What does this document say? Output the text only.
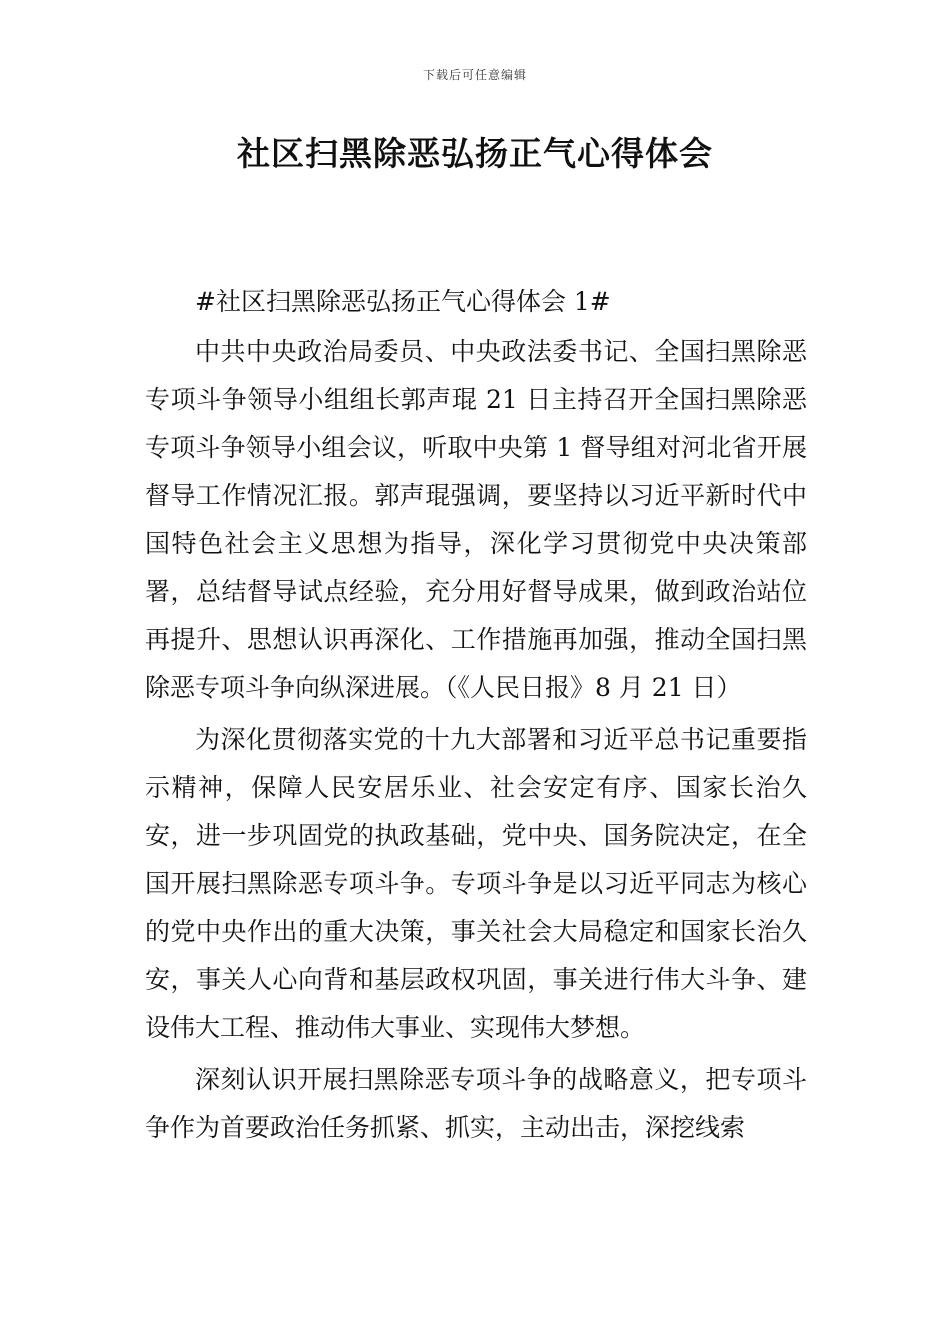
下载后可任意编辑
社区扫黑除恶弘扬正气心得体会

#社区扫黑除恶弘扬正气心得体会 1#

中共中央政治局委员、中央政法委书记、全国扫黑除恶专项斗争领导小组组长郭声琨 21 日主持召开全国扫黑除恶专项斗争领导小组会议，听取中央第 1 督导组对河北省开展督导工作情况汇报。郭声琨强调，要坚持以习近平新时代中国特色社会主义思想为指导，深化学习贯彻党中央决策部署，总结督导试点经验，充分用好督导成果，做到政治站位再提升、思想认识再深化、工作措施再加强，推动全国扫黑除恶专项斗争向纵深进展。（《人民日报》8 月 21 日）

为深化贯彻落实党的十九大部署和习近平总书记重要指示精神，保障人民安居乐业、社会安定有序、国家长治久安，进一步巩固党的执政基础，党中央、国务院决定，在全国开展扫黑除恶专项斗争。专项斗争是以习近平同志为核心的党中央作出的重大决策，事关社会大局稳定和国家长治久安，事关人心向背和基层政权巩固，事关进行伟大斗争、建设伟大工程、推动伟大事业、实现伟大梦想。

深刻认识开展扫黑除恶专项斗争的战略意义，把专项斗争作为首要政治任务抓紧、抓实，主动出击，深挖线索
